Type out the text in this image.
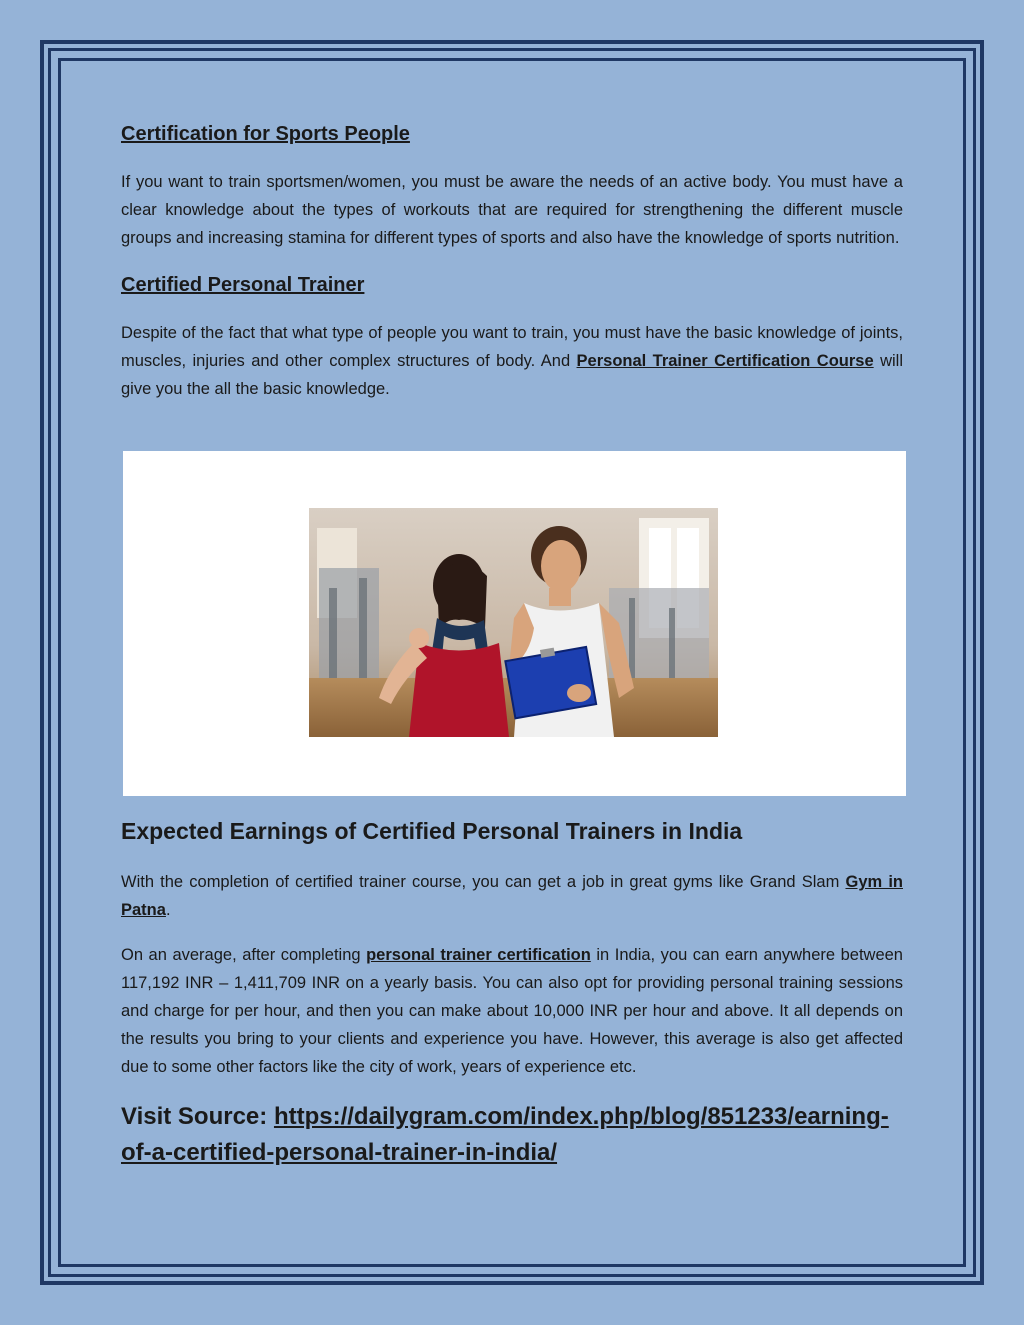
Certification for Sports People

If you want to train sportsmen/women, you must be aware the needs of an active body. You must have a clear knowledge about the types of workouts that are required for strengthening the different muscle groups and increasing stamina for different types of sports and also have the knowledge of sports nutrition.

Certified Personal Trainer

Despite of the fact that what type of people you want to train, you must have the basic knowledge of joints, muscles, injuries and other complex structures of body. And Personal Trainer Certification Course will give you the all the basic knowledge.

Expected Earnings of Certified Personal Trainers in India

With the completion of certified trainer course, you can get a job in great gyms like Grand Slam Gym in Patna.

On an average, after completing personal trainer certification in India, you can earn anywhere between 117,192 INR – 1,411,709 INR on a yearly basis. You can also opt for providing personal training sessions and charge for per hour, and then you can make about 10,000 INR per hour and above. It all depends on the results you bring to your clients and experience you have. However, this average is also get affected due to some other factors like the city of work, years of experience etc.

Visit Source: https://dailygram.com/index.php/blog/851233/earning-of-a-certified-personal-trainer-in-india/
